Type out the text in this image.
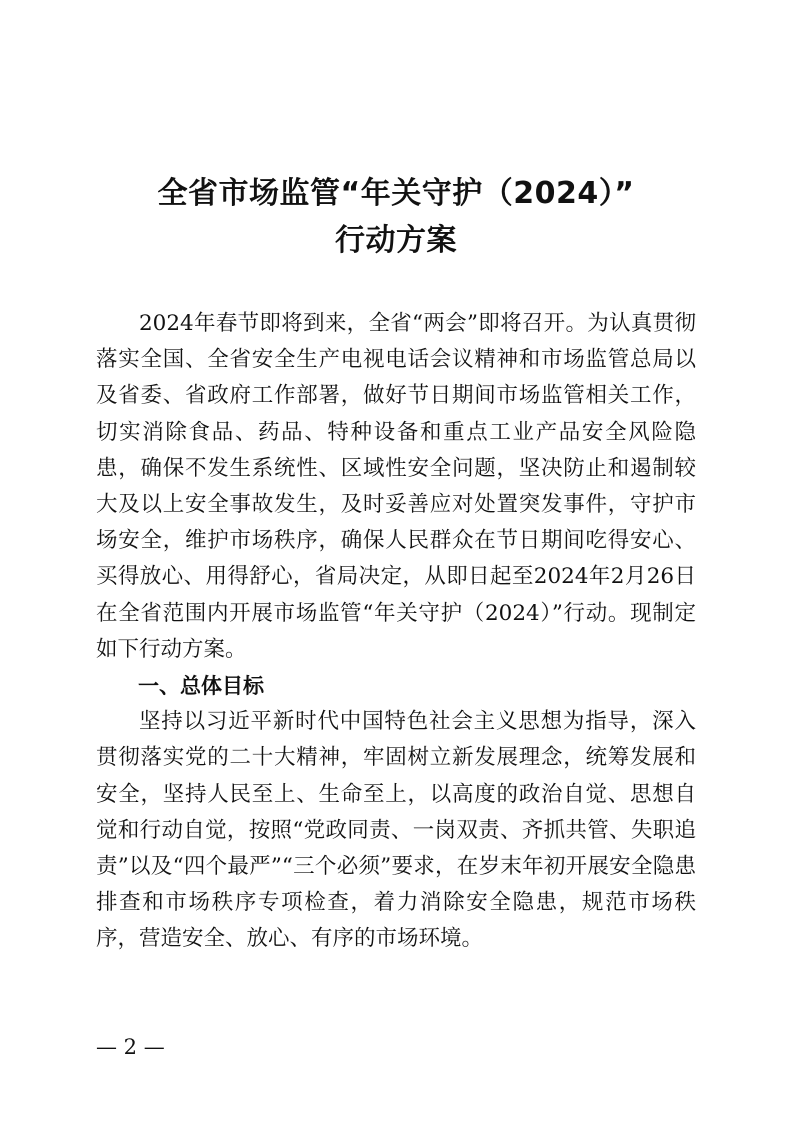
全省市场监管“年关守护（2024）”
行动方案

2024年春节即将到来，全省“两会”即将召开。为认真贯彻落实全国、全省安全生产电视电话会议精神和市场监管总局以及省委、省政府工作部署，做好节日期间市场监管相关工作，切实消除食品、药品、特种设备和重点工业产品安全风险隐患，确保不发生系统性、区域性安全问题，坚决防止和遏制较大及以上安全事故发生，及时妥善应对处置突发事件，守护市场安全，维护市场秩序，确保人民群众在节日期间吃得安心、买得放心、用得舒心，省局决定，从即日起至2024年2月26日在全省范围内开展市场监管“年关守护（2024）”行动。现制定如下行动方案。

一、总体目标

坚持以习近平新时代中国特色社会主义思想为指导，深入贯彻落实党的二十大精神，牢固树立新发展理念，统筹发展和安全，坚持人民至上、生命至上，以高度的政治自觉、思想自觉和行动自觉，按照“党政同责、一岗双责、齐抓共管、失职追责”以及“四个最严”“三个必须”要求，在岁末年初开展安全隐患排查和市场秩序专项检查，着力消除安全隐患，规范市场秩序，营造安全、放心、有序的市场环境。

— 2 —
